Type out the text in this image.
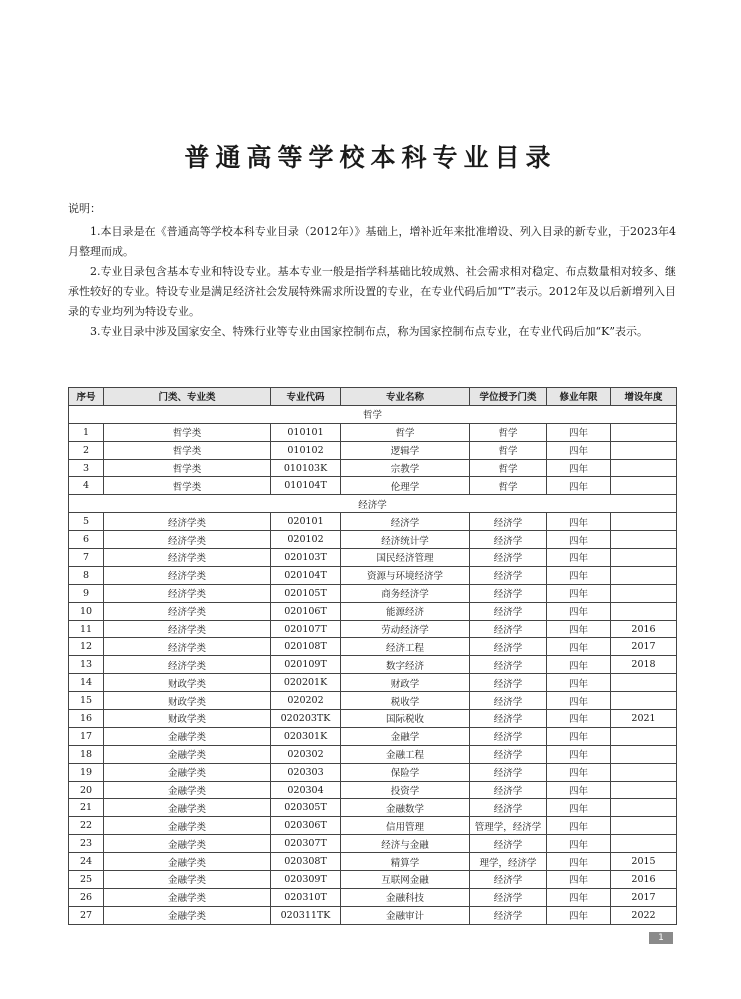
普通高等学校本科专业目录

说明：

1.本目录是在《普通高等学校本科专业目录（2012年）》基础上，增补近年来批准增设、列入目录的新专业，于2023年4月整理而成。

2.专业目录包含基本专业和特设专业。基本专业一般是指学科基础比较成熟、社会需求相对稳定、布点数量相对较多、继承性较好的专业。特设专业是满足经济社会发展特殊需求所设置的专业，在专业代码后加“T”表示。2012年及以后新增列入目录的专业均列为特设专业。

3.专业目录中涉及国家安全、特殊行业等专业由国家控制布点，称为国家控制布点专业，在专业代码后加“K”表示。

序号	门类、专业类	专业代码	专业名称	学位授予门类	修业年限	增设年度
哲学						
1	哲学类	010101	哲学	哲学	四年	
2	哲学类	010102	逻辑学	哲学	四年	
3	哲学类	010103K	宗教学	哲学	四年	
4	哲学类	010104T	伦理学	哲学	四年	
经济学						
5	经济学类	020101	经济学	经济学	四年	
6	经济学类	020102	经济统计学	经济学	四年	
7	经济学类	020103T	国民经济管理	经济学	四年	
8	经济学类	020104T	资源与环境经济学	经济学	四年	
9	经济学类	020105T	商务经济学	经济学	四年	
10	经济学类	020106T	能源经济	经济学	四年	
11	经济学类	020107T	劳动经济学	经济学	四年	2016
12	经济学类	020108T	经济工程	经济学	四年	2017
13	经济学类	020109T	数字经济	经济学	四年	2018
14	财政学类	020201K	财政学	经济学	四年	
15	财政学类	020202	税收学	经济学	四年	
16	财政学类	020203TK	国际税收	经济学	四年	2021
17	金融学类	020301K	金融学	经济学	四年	
18	金融学类	020302	金融工程	经济学	四年	
19	金融学类	020303	保险学	经济学	四年	
20	金融学类	020304	投资学	经济学	四年	
21	金融学类	020305T	金融数学	经济学	四年	
22	金融学类	020306T	信用管理	管理学，经济学	四年	
23	金融学类	020307T	经济与金融	经济学	四年	
24	金融学类	020308T	精算学	理学，经济学	四年	2015
25	金融学类	020309T	互联网金融	经济学	四年	2016
26	金融学类	020310T	金融科技	经济学	四年	2017
27	金融学类	020311TK	金融审计	经济学	四年	2022
1
